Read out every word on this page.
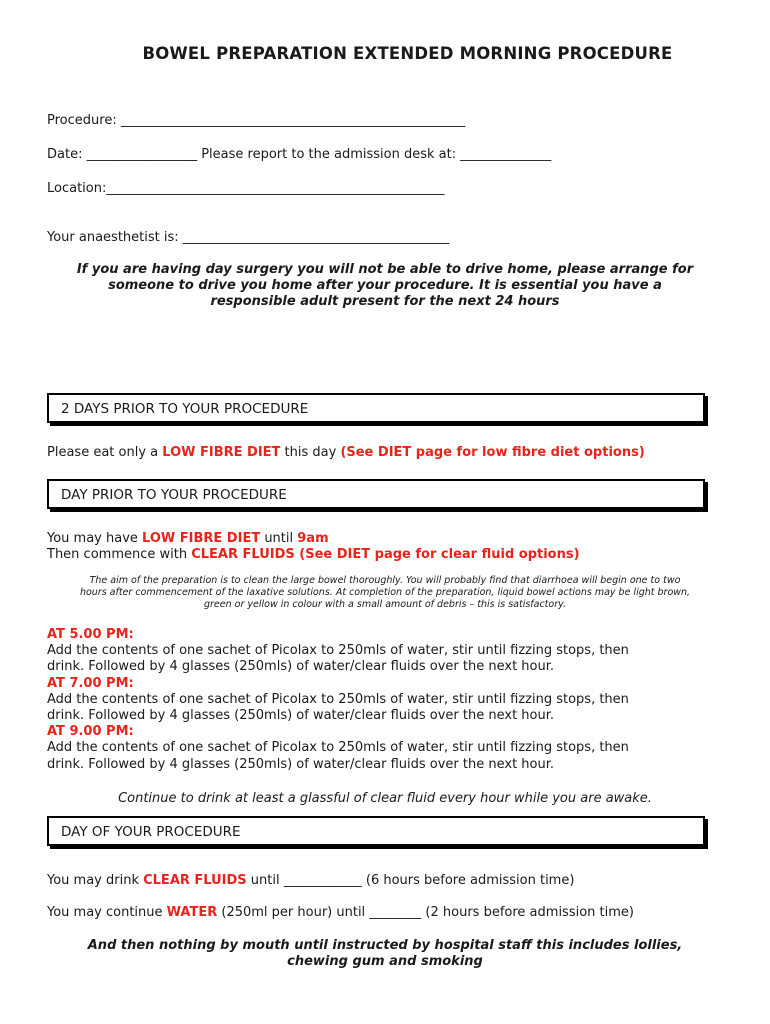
BOWEL PREPARATION EXTENDED MORNING PROCEDURE
Procedure: _____________________________________________________
Date: _________________ Please report to the admission desk at: ______________
Location:____________________________________________________
Your anaesthetist is: _________________________________________
If you are having day surgery you will not be able to drive home, please arrange for
someone to drive you home after your procedure. It is essential you have a
responsible adult present for the next 24 hours
2 DAYS PRIOR TO YOUR PROCEDURE
Please eat only a LOW FIBRE DIET this day (See DIET page for low fibre diet options)
DAY PRIOR TO YOUR PROCEDURE
You may have LOW FIBRE DIET until 9am
Then commence with CLEAR FLUIDS (See DIET page for clear fluid options)
The aim of the preparation is to clean the large bowel thoroughly. You will probably find that diarrhoea will begin one to two
hours after commencement of the laxative solutions. At completion of the preparation, liquid bowel actions may be light brown,
green or yellow in colour with a small amount of debris – this is satisfactory.
AT 5.00 PM:
Add the contents of one sachet of Picolax to 250mls of water, stir until fizzing stops, then
drink. Followed by 4 glasses (250mls) of water/clear fluids over the next hour.
AT 7.00 PM:
Add the contents of one sachet of Picolax to 250mls of water, stir until fizzing stops, then
drink. Followed by 4 glasses (250mls) of water/clear fluids over the next hour.
AT 9.00 PM:
Add the contents of one sachet of Picolax to 250mls of water, stir until fizzing stops, then
drink. Followed by 4 glasses (250mls) of water/clear fluids over the next hour.
Continue to drink at least a glassful of clear fluid every hour while you are awake.
DAY OF YOUR PROCEDURE
You may drink CLEAR FLUIDS until ____________ (6 hours before admission time)
You may continue WATER (250ml per hour) until ________ (2 hours before admission time)
And then nothing by mouth until instructed by hospital staff this includes lollies,
chewing gum and smoking
